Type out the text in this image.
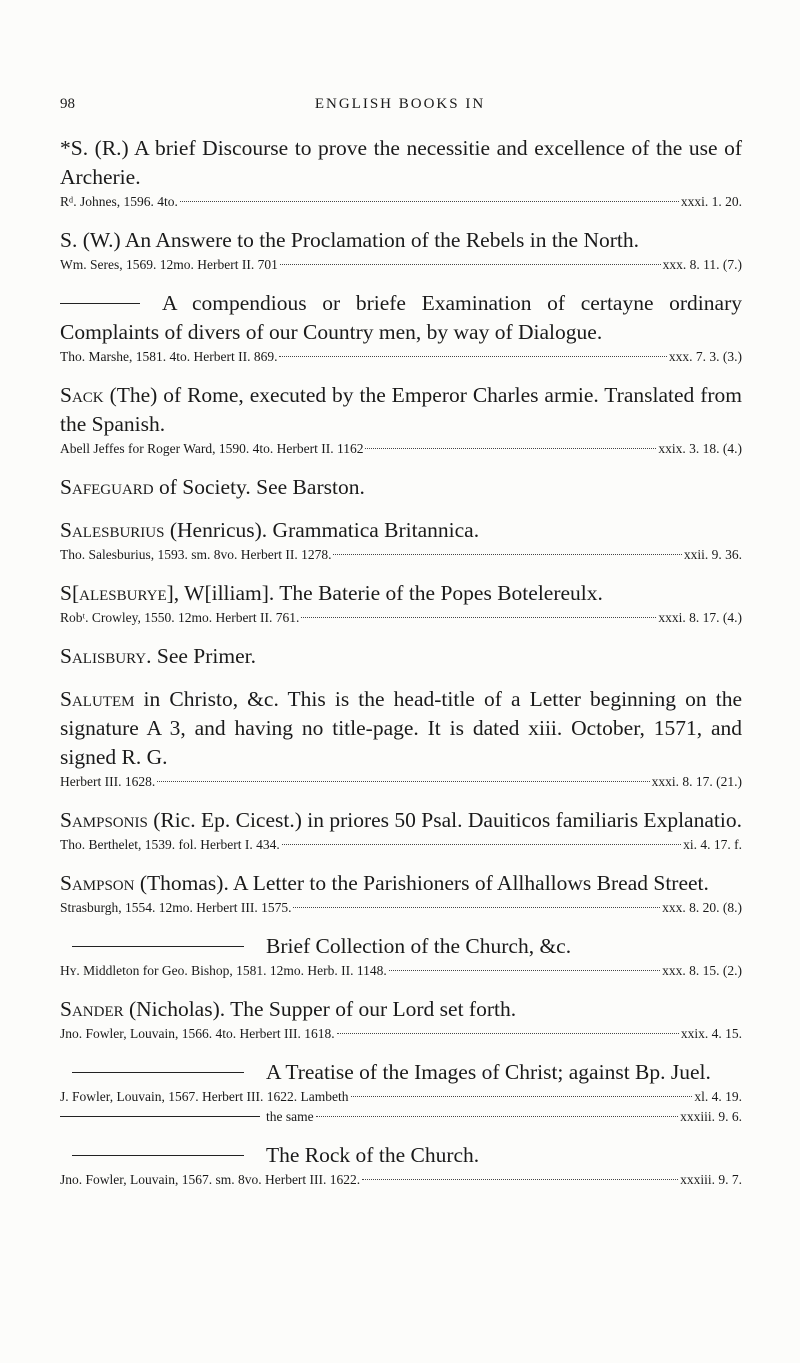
98	ENGLISH BOOKS IN
*S. (R.) A brief Discourse to prove the necessitie and excellence of the use of Archerie.
Rᵈ. Johnes, 1596. 4to.	xxxi. 1. 20.
S. (W.) An Answere to the Proclamation of the Rebels in the North.
Wm. Seres, 1569. 12mo. Herbert II. 701	xxx. 8. 11. (7.)
A compendious or briefe Examination of certayne ordinary Complaints of divers of our Country men, by way of Dialogue.
Tho. Marshe, 1581. 4to. Herbert II. 869.	xxx. 7. 3. (3.)
Sack (The) of Rome, executed by the Emperor Charles armie. Translated from the Spanish.
Abell Jeffes for Roger Ward, 1590. 4to. Herbert II. 1162	xxix. 3. 18. (4.)
Safeguard of Society. See Barston.
Salesburius (Henricus). Grammatica Britannica.
Tho. Salesburius, 1593. sm. 8vo. Herbert II. 1278.	xxii. 9. 36.
S[alesburye], W[illiam]. The Baterie of the Popes Botelereulx.
Robᵗ. Crowley, 1550. 12mo. Herbert II. 761.	xxxi. 8. 17. (4.)
Salisbury. See Primer.
Salutem in Christo, &c. This is the head-title of a Letter beginning on the signature A 3, and having no title-page. It is dated xiii. October, 1571, and signed R. G.
Herbert III. 1628.	xxxi. 8. 17. (21.)
Sampsonis (Ric. Ep. Cicest.) in priores 50 Psal. Dauiticos familiaris Explanatio.
Tho. Berthelet, 1539. fol. Herbert I. 434.	xi. 4. 17. f.
Sampson (Thomas). A Letter to the Parishioners of Allhallows Bread Street.
Strasburgh, 1554. 12mo. Herbert III. 1575.	xxx. 8. 20. (8.)
Brief Collection of the Church, &c.
Hʏ. Middleton for Geo. Bishop, 1581. 12mo. Herb. II. 1148.	xxx. 8. 15. (2.)
Sander (Nicholas). The Supper of our Lord set forth.
Jno. Fowler, Louvain, 1566. 4to. Herbert III. 1618.	xxix. 4. 15.
A Treatise of the Images of Christ; against Bp. Juel.
J. Fowler, Louvain, 1567. Herbert III. 1622. Lambeth	xl. 4. 19.
the same	xxxiii. 9. 6.
The Rock of the Church.
Jno. Fowler, Louvain, 1567. sm. 8vo. Herbert III. 1622.	xxxiii. 9. 7.
